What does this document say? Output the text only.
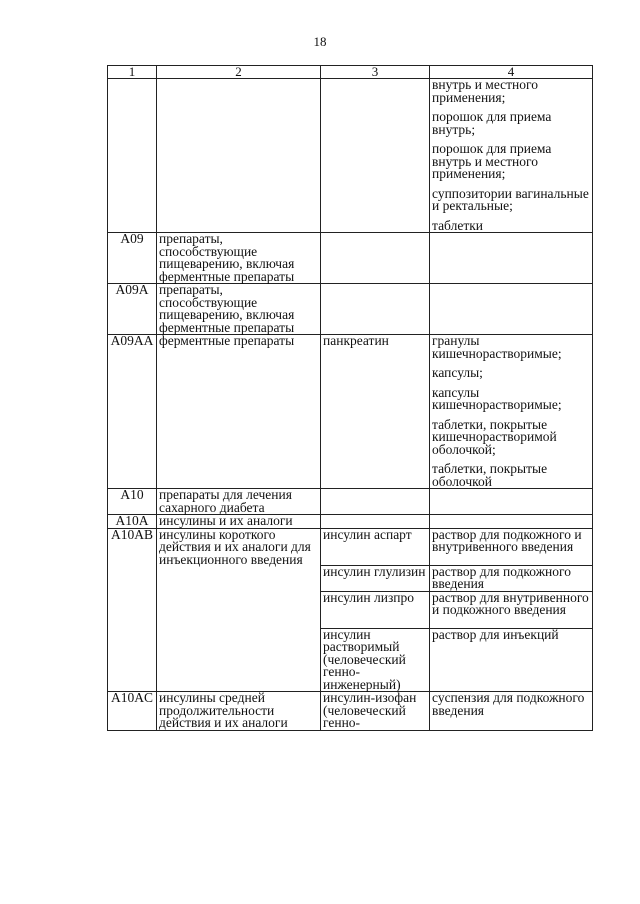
18
1	2	3	4

			внутрь и местного применения;
порошок для приема внутрь;
порошок для приема внутрь и местного применения;
суппозитории вагинальные и ректальные;
таблетки

A09	препараты, способствующие пищеварению, включая ферментные препараты		
A09A	препараты, способствующие пищеварению, включая ферментные препараты		
A09AA	ферментные препараты	панкреатин	гранулы кишечнорастворимые;
капсулы;
капсулы кишечнорастворимые;
таблетки, покрытые кишечнорастворимой оболочкой;
таблетки, покрытые оболочкой

A10	препараты для лечения сахарного диабета		
A10A	инсулины и их аналоги		
A10AB	инсулины короткого действия и их аналоги для инъекционного введения	инсулин аспарт	раствор для подкожного и внутривенного введения

		инсулин глулизин	раствор для подкожного введения

		инсулин лизпро	раствор для внутривенного и подкожного введения

		инсулин растворимый (человеческий генно-инженерный)	раствор для инъекций

A10AC	инсулины средней продолжительности действия и их аналоги	инсулин-изофан (человеческий генно-	суспензия для подкожного введения
